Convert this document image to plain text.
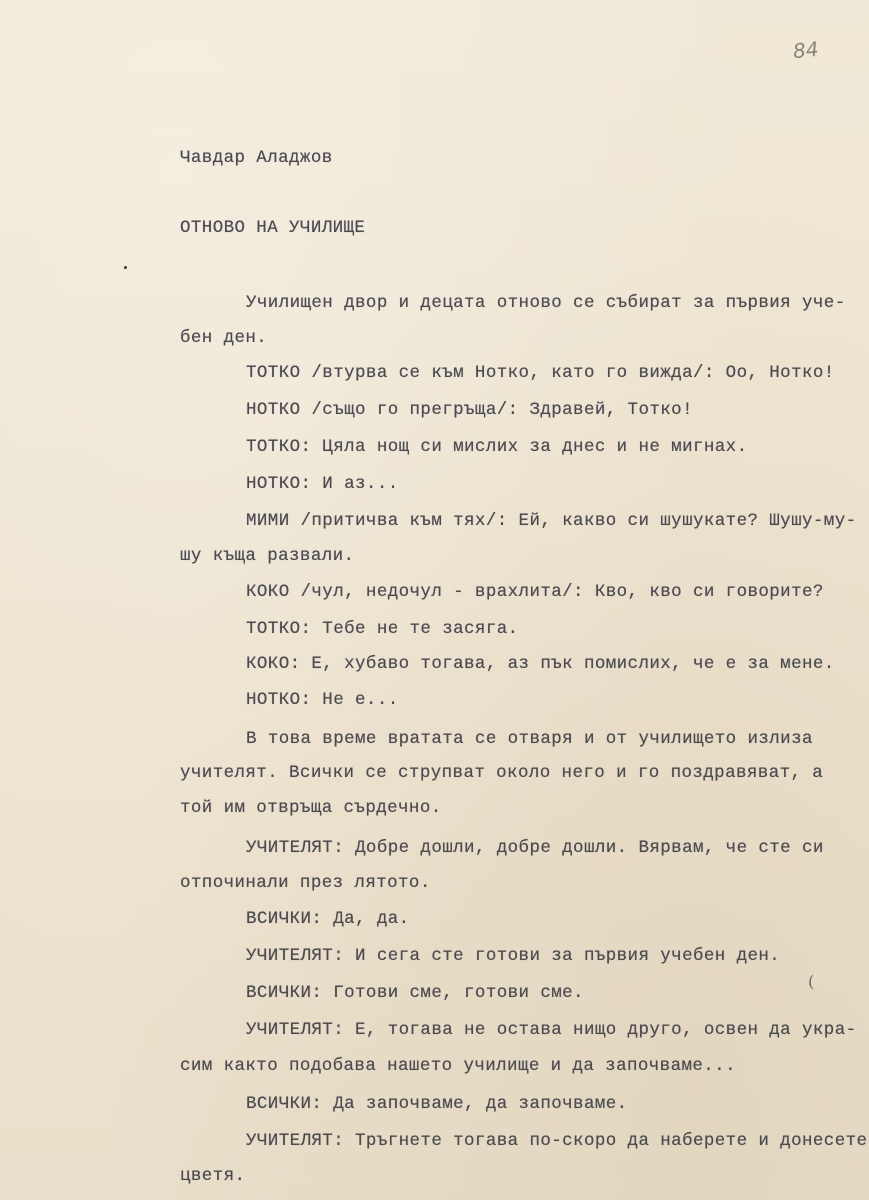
84
Чавдар Аладжов
ОТНОВО НА УЧИЛИЩЕ
Училищен двор и децата отново се събират за първия уче-
бен ден.
ТОТКО /втурва се към Нотко, като го вижда/: Оо, Нотко!
НОТКО /също го прегръща/: Здравей, Тотко!
ТОТКО: Цяла нощ си мислих за днес и не мигнах.
НОТКО: И аз...
МИМИ /притичва към тях/: Ей, какво си шушукате? Шушу-му-
шу къща развали.
КОКО /чул, недочул - врахлита/: Кво, кво си говорите?
ТОТКО: Тебе не те засяга.
КОКО: Е, хубаво тогава, аз пък помислих, че е за мене.
НОТКО: Не е...
В това време вратата се отваря и от училището излиза
учителят. Всички се струпват около него и го поздравяват, а
той им отвръща сърдечно.
УЧИТЕЛЯТ: Добре дошли, добре дошли. Вярвам, че сте си
отпочинали през лятото.
ВСИЧКИ: Да, да.
УЧИТЕЛЯТ: И сега сте готови за първия учебен ден.
ВСИЧКИ: Готови сме, готови сме.
УЧИТЕЛЯТ: Е, тогава не остава нищо друго, освен да укра-
сим както подобава нашето училище и да започваме...
ВСИЧКИ: Да започваме, да започваме.
УЧИТЕЛЯТ: Тръгнете тогава по-скоро да наберете и донесете
цветя.
(
